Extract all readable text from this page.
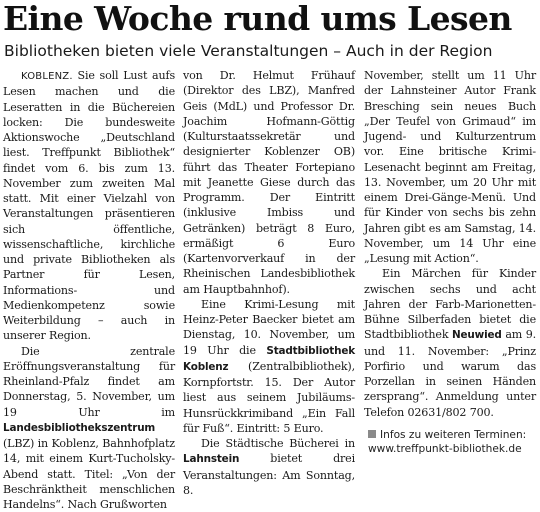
Eine Woche rund ums Lesen
Bibliotheken bieten viele Veranstaltungen – Auch in der Region

KOBLENZ. Sie soll Lust aufs Lesen machen und die Leseratten in die Büchereien locken: Die bundesweite Aktionswoche „Deutschland liest. Treffpunkt Bibliothek“ findet vom 6. bis zum 13. November zum zweiten Mal statt. Mit einer Vielzahl von Veranstaltungen präsentieren sich öffentliche, wissenschaftliche, kirchliche und private Bibliotheken als Partner für Lesen, Informations- und Medienkompetenz sowie Weiterbildung – auch in unserer Region.

Die zentrale Eröffnungsveranstaltung für Rheinland-Pfalz findet am Donnerstag, 5. November, um 19 Uhr im Landesbibliothekszentrum (LBZ) in Koblenz, Bahnhofplatz 14, mit einem Kurt-Tucholsky-Abend statt. Titel: „Von der Beschränktheit menschlichen Handelns“. Nach Grußworten

von Dr. Helmut Frühauf (Direktor des LBZ), Manfred Geis (MdL) und Professor Dr. Joachim Hofmann-Göttig (Kulturstaatssekretär und designierter Koblenzer OB) führt das Theater Fortepiano mit Jeanette Giese durch das Programm. Der Eintritt (inklusive Imbiss und Getränken) beträgt 8 Euro, ermäßigt 6 Euro (Kartenvorverkauf in der Rheinischen Landesbibliothek am Hauptbahnhof).

Eine Krimi-Lesung mit Heinz-Peter Baecker bietet am Dienstag, 10. November, um 19 Uhr die Stadtbibliothek Koblenz (Zentralbibliothek), Kornpfortstr. 15. Der Autor liest aus seinem Jubiläums-Hunsrückkrimiband „Ein Fall für Fuß“. Eintritt: 5 Euro.

Die Städtische Bücherei in Lahnstein	bietet drei Veranstaltungen: Am Sonntag, 8.

November, stellt um 11 Uhr der Lahnsteiner Autor Frank Bresching sein neues Buch „Der Teufel von Grimaud“ im Jugend- und Kulturzentrum vor. Eine britische Krimi-Lesenacht beginnt am Freitag, 13. November, um 20 Uhr mit einem Drei-Gänge-Menü. Und für Kinder von sechs bis zehn Jahren gibt es am Samstag, 14. November, um 14 Uhr eine „Lesung mit Action“.

Ein Märchen für Kinder zwischen sechs und acht Jahren der Farb-Marionetten-Bühne Silberfaden bietet die Stadtbibliothek Neuwied am 9. und 11. November: „Prinz Porfirio und warum das Porzellan in seinen Händen zersprang“. Anmeldung unter Telefon 02631/802 700.

Infos zu weiteren Terminen:
www.treffpunkt-bibliothek.de
